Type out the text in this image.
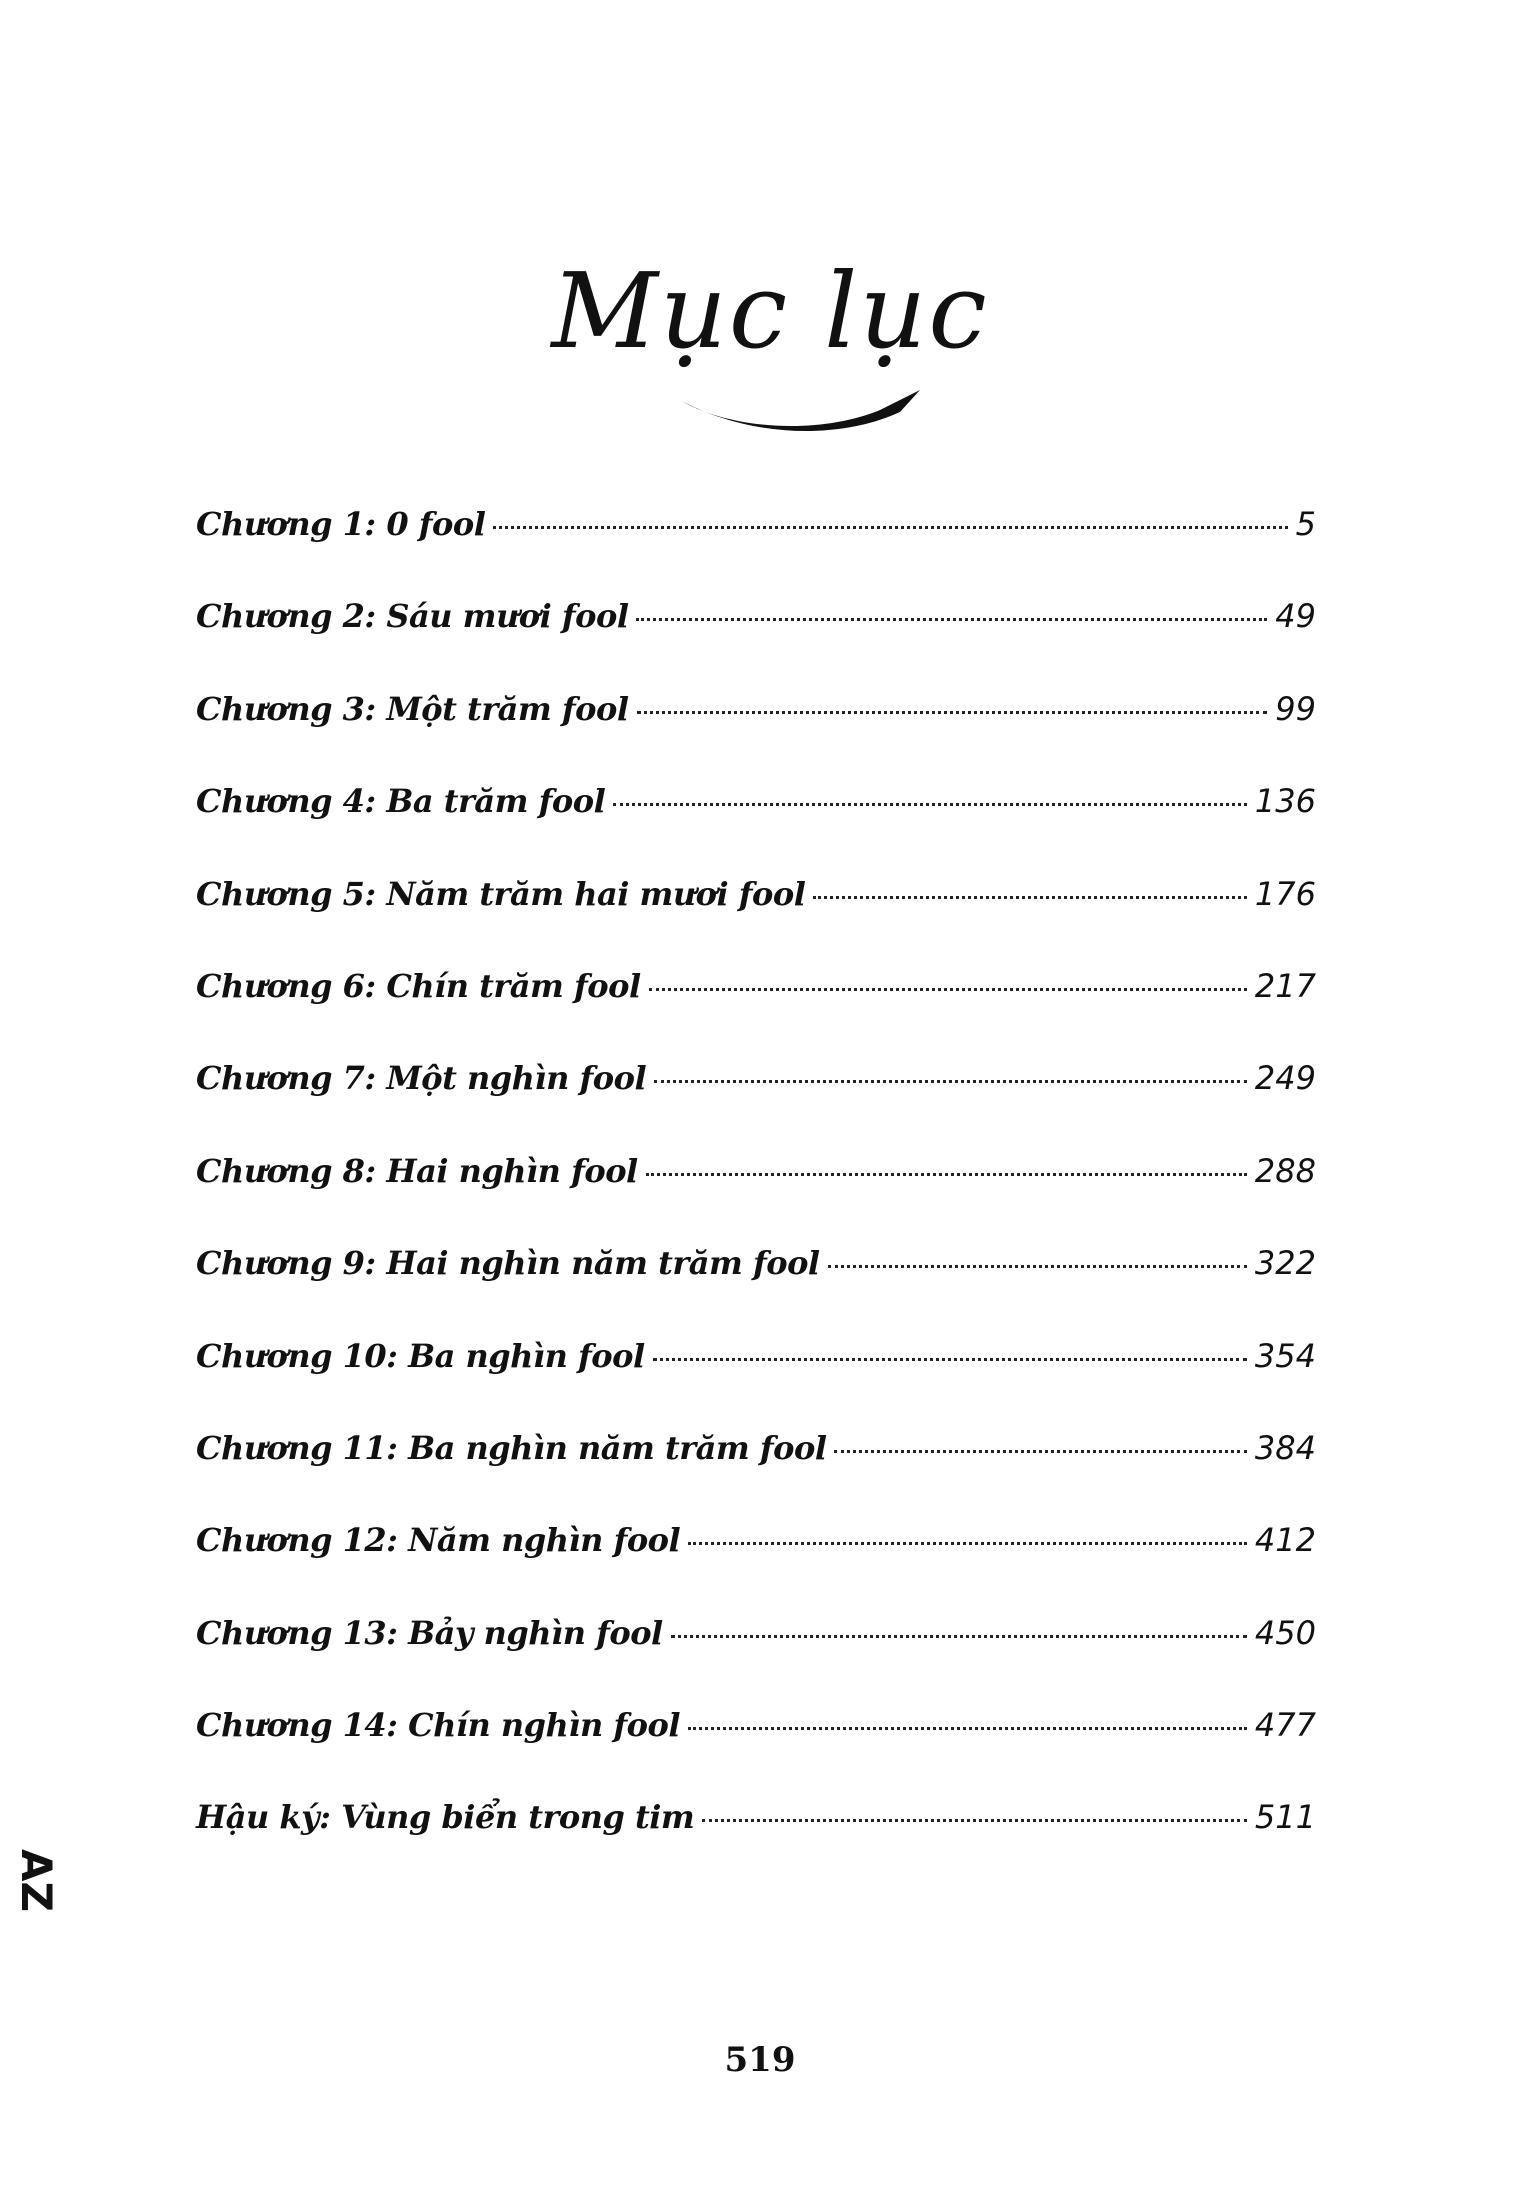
Mục lục
Chương 1: 0 fool	5
Chương 2: Sáu mươi fool	49
Chương 3: Một trăm fool	99
Chương 4: Ba trăm fool	136
Chương 5: Năm trăm hai mươi fool	176
Chương 6: Chín trăm fool	217
Chương 7: Một nghìn fool	249
Chương 8: Hai nghìn fool	288
Chương 9: Hai nghìn năm trăm fool	322
Chương 10: Ba nghìn fool	354
Chương 11: Ba nghìn năm trăm fool	384
Chương 12: Năm nghìn fool	412
Chương 13: Bảy nghìn fool	450
Chương 14: Chín nghìn fool	477
Hậu ký: Vùng biển trong tim	511
AZ
519
